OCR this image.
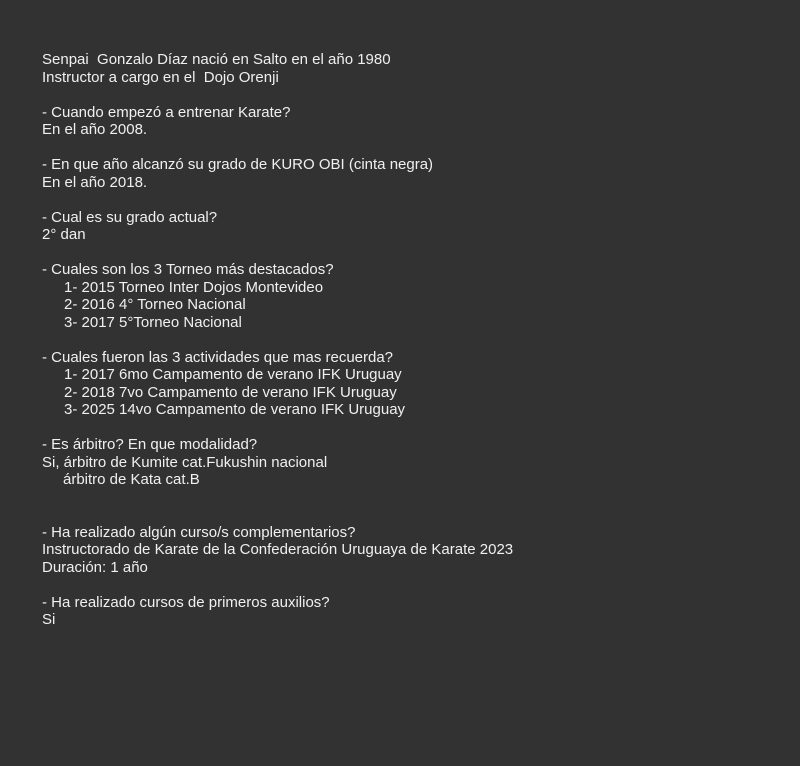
Senpai  Gonzalo Díaz nació en Salto en el año 1980
Instructor a cargo en el  Dojo Orenji
- Cuando empezó a entrenar Karate?
En el año 2008.
- En que año alcanzó su grado de KURO OBI (cinta negra)
En el año 2018.
- Cual es su grado actual?
2° dan
- Cuales son los 3 Torneo más destacados?
1- 2015 Torneo Inter Dojos Montevideo
2- 2016 4° Torneo Nacional
3- 2017 5°Torneo Nacional
- Cuales fueron las 3 actividades que mas recuerda?
1- 2017 6mo Campamento de verano IFK Uruguay
2- 2018 7vo Campamento de verano IFK Uruguay
3- 2025 14vo Campamento de verano IFK Uruguay
- Es árbitro? En que modalidad?
Si, árbitro de Kumite cat.Fukushin nacional
árbitro de Kata cat.B
- Ha realizado algún curso/s complementarios?
Instructorado de Karate de la Confederación Uruguaya de Karate 2023
Duración: 1 año
- Ha realizado cursos de primeros auxilios?
Si
